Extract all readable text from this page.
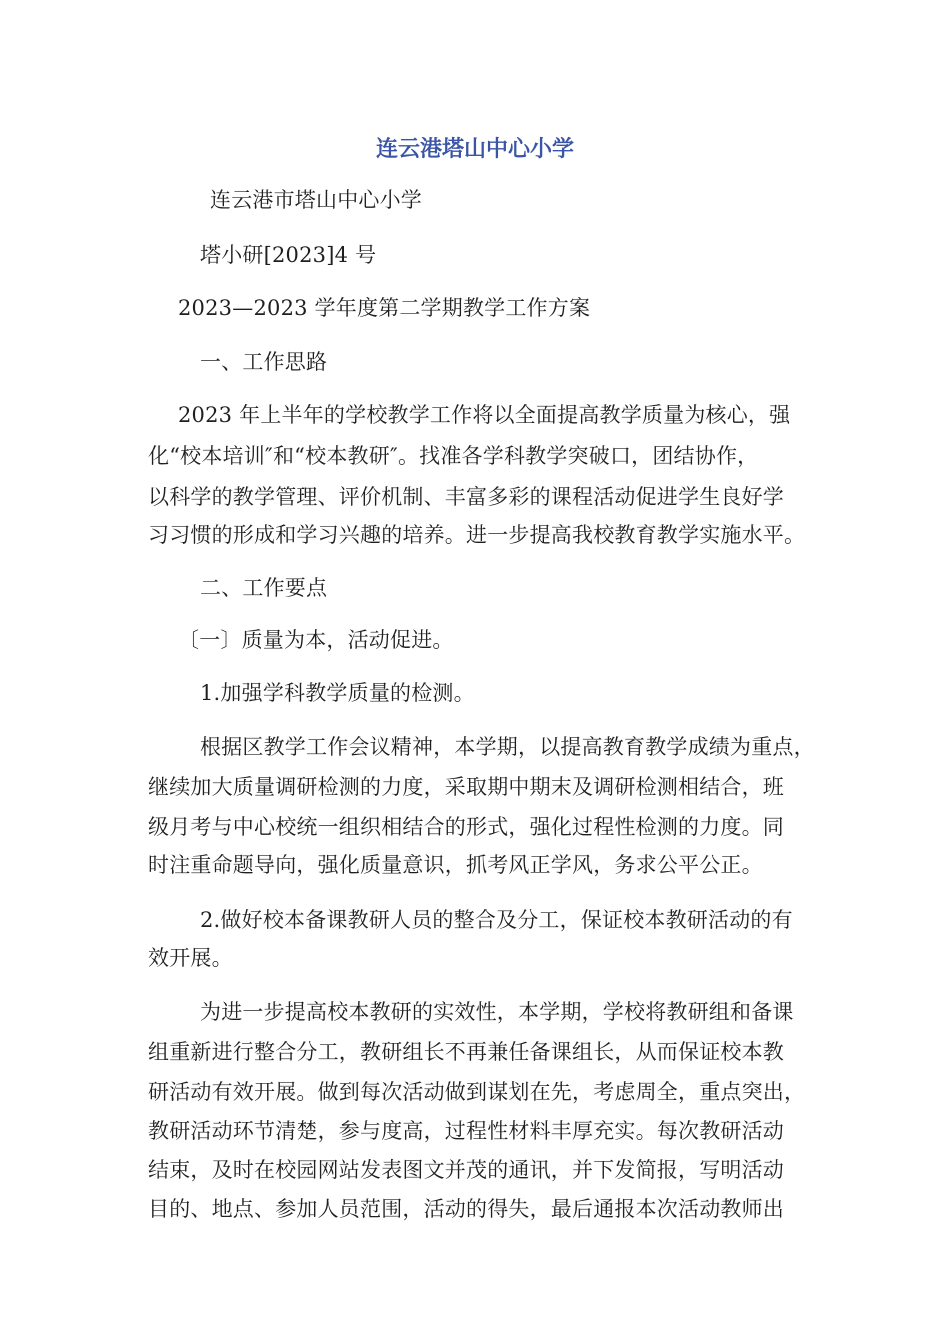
连云港塔山中心小学
连云港市塔山中心小学
塔小研[2023]4 号
2023—2023 学年度第二学期教学工作方案
一、工作思路
2023 年上半年的学校教学工作将以全面提高教学质量为核心，强
化“校本培训″和“校本教研″。找准各学科教学突破口，团结协作，
以科学的教学管理、评价机制、丰富多彩的课程活动促进学生良好学
习习惯的形成和学习兴趣的培养。进一步提高我校教育教学实施水平。
二、工作要点
〔一〕质量为本，活动促进。
1.加强学科教学质量的检测。
根据区教学工作会议精神，本学期，以提高教育教学成绩为重点，
继续加大质量调研检测的力度，采取期中期末及调研检测相结合，班
级月考与中心校统一组织相结合的形式，强化过程性检测的力度。同
时注重命题导向，强化质量意识，抓考风正学风，务求公平公正。
2.做好校本备课教研人员的整合及分工，保证校本教研活动的有
效开展。
为进一步提高校本教研的实效性，本学期，学校将教研组和备课
组重新进行整合分工，教研组长不再兼任备课组长，从而保证校本教
研活动有效开展。做到每次活动做到谋划在先，考虑周全，重点突出，
教研活动环节清楚，参与度高，过程性材料丰厚充实。每次教研活动
结束，及时在校园网站发表图文并茂的通讯，并下发简报，写明活动
目的、地点、参加人员范围，活动的得失，最后通报本次活动教师出
